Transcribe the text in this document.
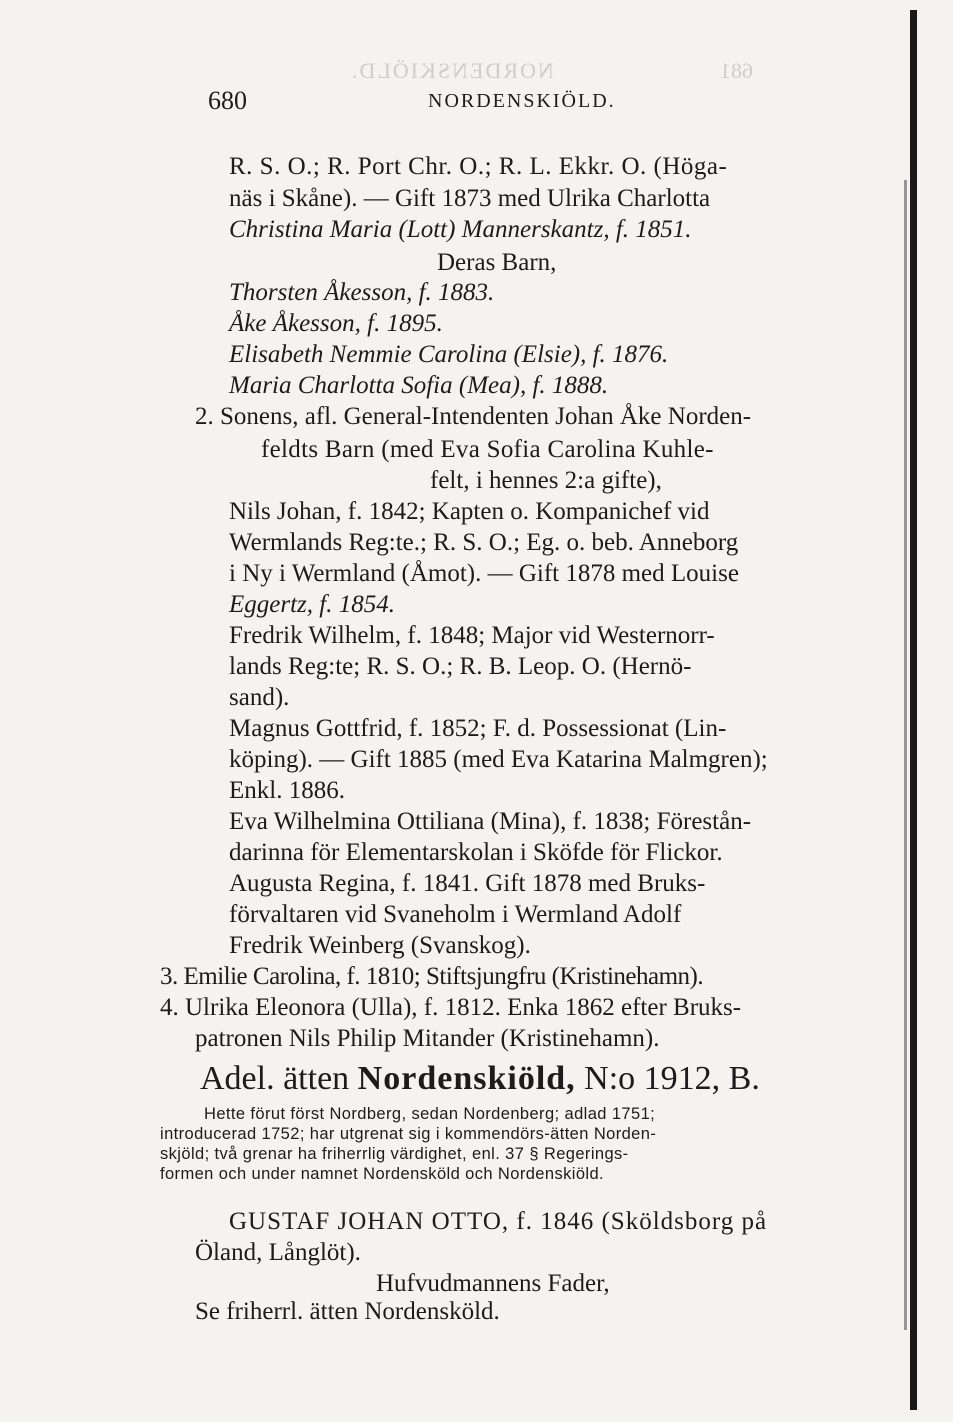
NORDENSKIÖLD.	681
680	NORDENSKIÖLD.
R. S. O.; R. Port Chr. O.; R. L. Ekkr. O. (Höga-
näs i Skåne). — Gift 1873 med Ulrika Charlotta
Christina Maria (Lott) Mannerskantz, f. 1851.
Deras Barn,
Thorsten Åkesson, f. 1883.
Åke Åkesson, f. 1895.
Elisabeth Nemmie Carolina (Elsie), f. 1876.
Maria Charlotta Sofia (Mea), f. 1888.
2. Sonens, afl. General-Intendenten Johan Åke Norden-
feldts Barn (med Eva Sofia Carolina Kuhle-
felt, i hennes 2:a gifte),
Nils Johan, f. 1842; Kapten o. Kompanichef vid
Wermlands Reg:te.; R. S. O.; Eg. o. beb. Anneborg
i Ny i Wermland (Åmot). — Gift 1878 med Louise
Eggertz, f. 1854.
Fredrik Wilhelm, f. 1848; Major vid Westernorr-
lands Reg:te; R. S. O.; R. B. Leop. O. (Hernö-
sand).
Magnus Gottfrid, f. 1852; F. d. Possessionat (Lin-
köping). — Gift 1885 (med Eva Katarina Malmgren);
Enkl. 1886.
Eva Wilhelmina Ottiliana (Mina), f. 1838; Förestån-
darinna för Elementarskolan i Sköfde för Flickor.
Augusta Regina, f. 1841. Gift 1878 med Bruks-
förvaltaren vid Svaneholm i Wermland Adolf
Fredrik Weinberg (Svanskog).
3. Emilie Carolina, f. 1810; Stiftsjungfru (Kristinehamn).
4. Ulrika Eleonora (Ulla), f. 1812. Enka 1862 efter Bruks-
patronen Nils Philip Mitander (Kristinehamn).
Adel. ätten Nordenskiöld, N:o 1912, B.
Hette förut först Nordberg, sedan Nordenberg; adlad 1751;
introducerad 1752; har utgrenat sig i kommendörs-ätten Norden-
skjöld; två grenar ha friherrlig värdighet, enl. 37 § Regerings-
formen och under namnet Nordensköld och Nordenskiöld.
GUSTAF JOHAN OTTO, f. 1846 (Sköldsborg på
Öland, Långlöt).
Hufvudmannens Fader,
Se friherrl. ätten Nordensköld.
